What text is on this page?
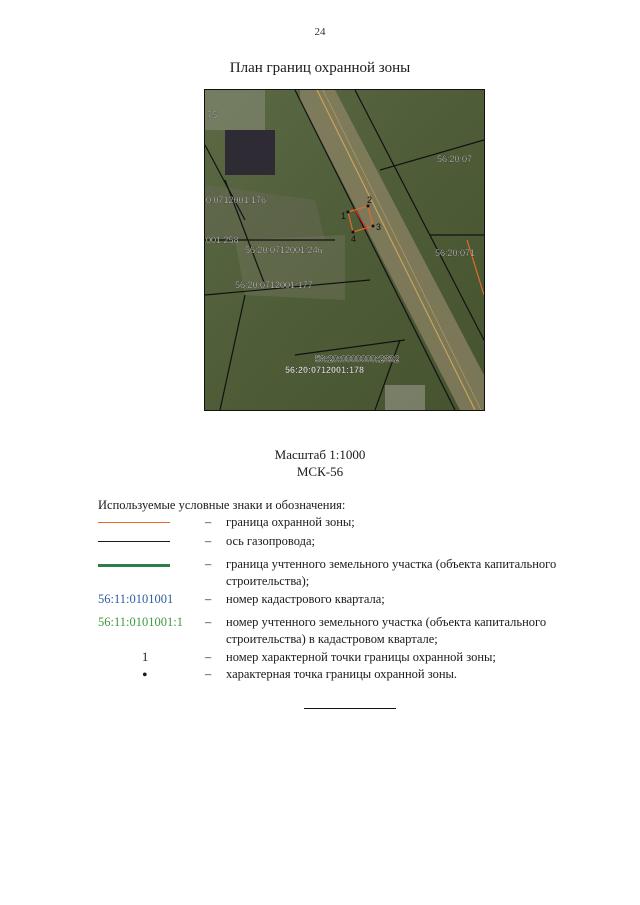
24
План границ охранной зоны
1
2
3
4
75
56:20:07
0:0712001:176
001:258
56:20:0712001:246	56:20:071
56:20:0712001:177
56:20:0712001:178
56:20:0000000:2632
Масштаб 1:1000
МСК-56
Используемые условные знаки и обозначения:
– граница охранной зоны;
– ось газопровода;
– граница учтенного земельного участка (объекта капитального строительства);
56:11:0101001	– номер кадастрового квартала;
56:11:0101001:1	– номер учтенного земельного участка (объекта капитального строительства) в кадастровом квартале;
1	– номер характерной точки границы охранной зоны;
•	– характерная точка границы охранной зоны.
